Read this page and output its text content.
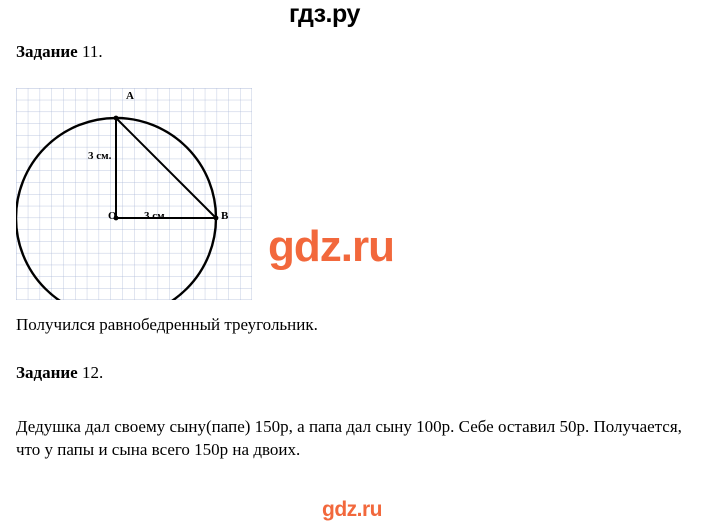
гдз.ру
Задание 11.
A
O	B
3 см.
3 см.
gdz.ru
Получился равнобедренный треугольник.
Задание 12.
Дедушка дал своему сыну(папе) 150р, а папа дал сыну 100р. Себе оставил 50р. Получается, что у папы и сына всего 150р на двоих.
gdz.ru
